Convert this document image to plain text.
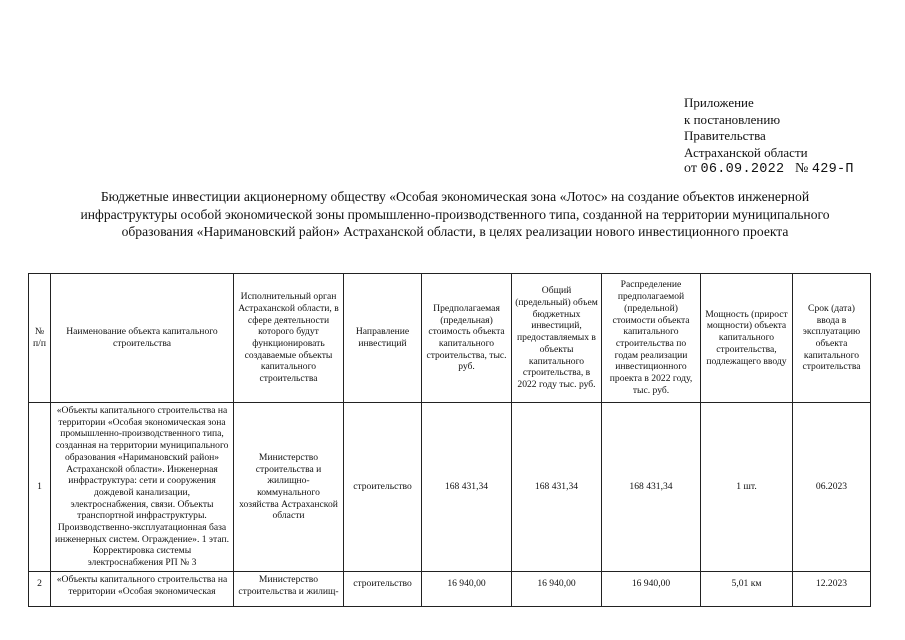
Приложение
к постановлению
Правительства
Астраханской области
от 06.09.2022 № 429-П
Бюджетные инвестиции акционерному обществу «Особая экономическая зона «Лотос» на создание объектов инженерной инфраструктуры особой экономической зоны промышленно-производственного типа, созданной на территории муниципального образования «Наримановский район» Астраханской области, в целях реализации нового инвестиционного проекта
№ п/п	Наименование объекта капитального строительства	Исполнительный орган Астраханской области, в сфере деятельности которого будут функционировать создаваемые объекты капитального строительства	Направление инвестиций	Предполагаемая (предельная) стоимость объекта капитального строительства, тыс. руб.	Общий (предельный) объем бюджетных инвестиций, предоставляемых в объекты капитального строительства, в 2022 году тыс. руб.	Распределение предполагаемой (предельной) стоимости объекта капитального строительства по годам реализации инвестиционного проекта в 2022 году, тыс. руб.	Мощность (прирост мощности) объекта капитального строительства, подлежащего вводу	Срок (дата) ввода в эксплуатацию объекта капитального строительства
1	«Объекты капитального строительства на территории «Особая экономическая зона промышленно-производственного типа, созданная на территории муниципального образования «Наримановский район» Астраханской области». Инженерная инфраструктура: сети и сооружения дождевой канализации, электроснабжения, связи. Объекты транспортной инфраструктуры. Производственно-эксплуатационная база инженерных систем. Ограждение». 1 этап. Корректировка системы электроснабжения РП № 3	Министерство строительства и жилищно-коммунального хозяйства Астраханской области	строительство	168 431,34	168 431,34	168 431,34	1 шт.	06.2023
2	«Объекты капитального строительства на территории «Особая экономическая	Министерство строительства и жилищ-	строительство	16 940,00	16 940,00	16 940,00	5,01 км	12.2023
